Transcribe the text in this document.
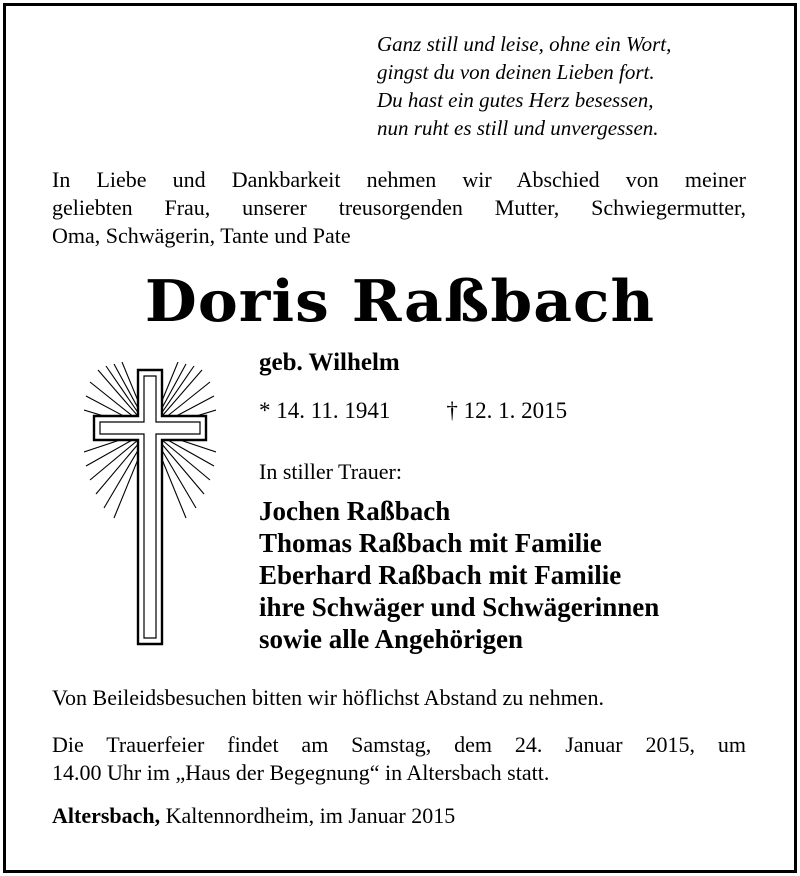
Ganz still und leise, ohne ein Wort,
gingst du von deinen Lieben fort.
Du hast ein gutes Herz besessen,
nun ruht es still und unvergessen.
In Liebe und Dankbarkeit nehmen wir Abschied von meiner
geliebten Frau, unserer treusorgenden Mutter, Schwiegermutter,
Oma, Schwägerin, Tante und Pate
Doris Raßbach
geb. Wilhelm
* 14. 11. 1941 † 12. 1. 2015
In stiller Trauer:
Jochen Raßbach
Thomas Raßbach mit Familie
Eberhard Raßbach mit Familie
ihre Schwäger und Schwägerinnen
sowie alle Angehörigen
Von Beileidsbesuchen bitten wir höflichst Abstand zu nehmen.
Die Trauerfeier findet am Samstag, dem 24. Januar 2015, um
14.00 Uhr im „Haus der Begegnung“ in Altersbach statt.
Altersbach, Kaltennordheim, im Januar 2015
